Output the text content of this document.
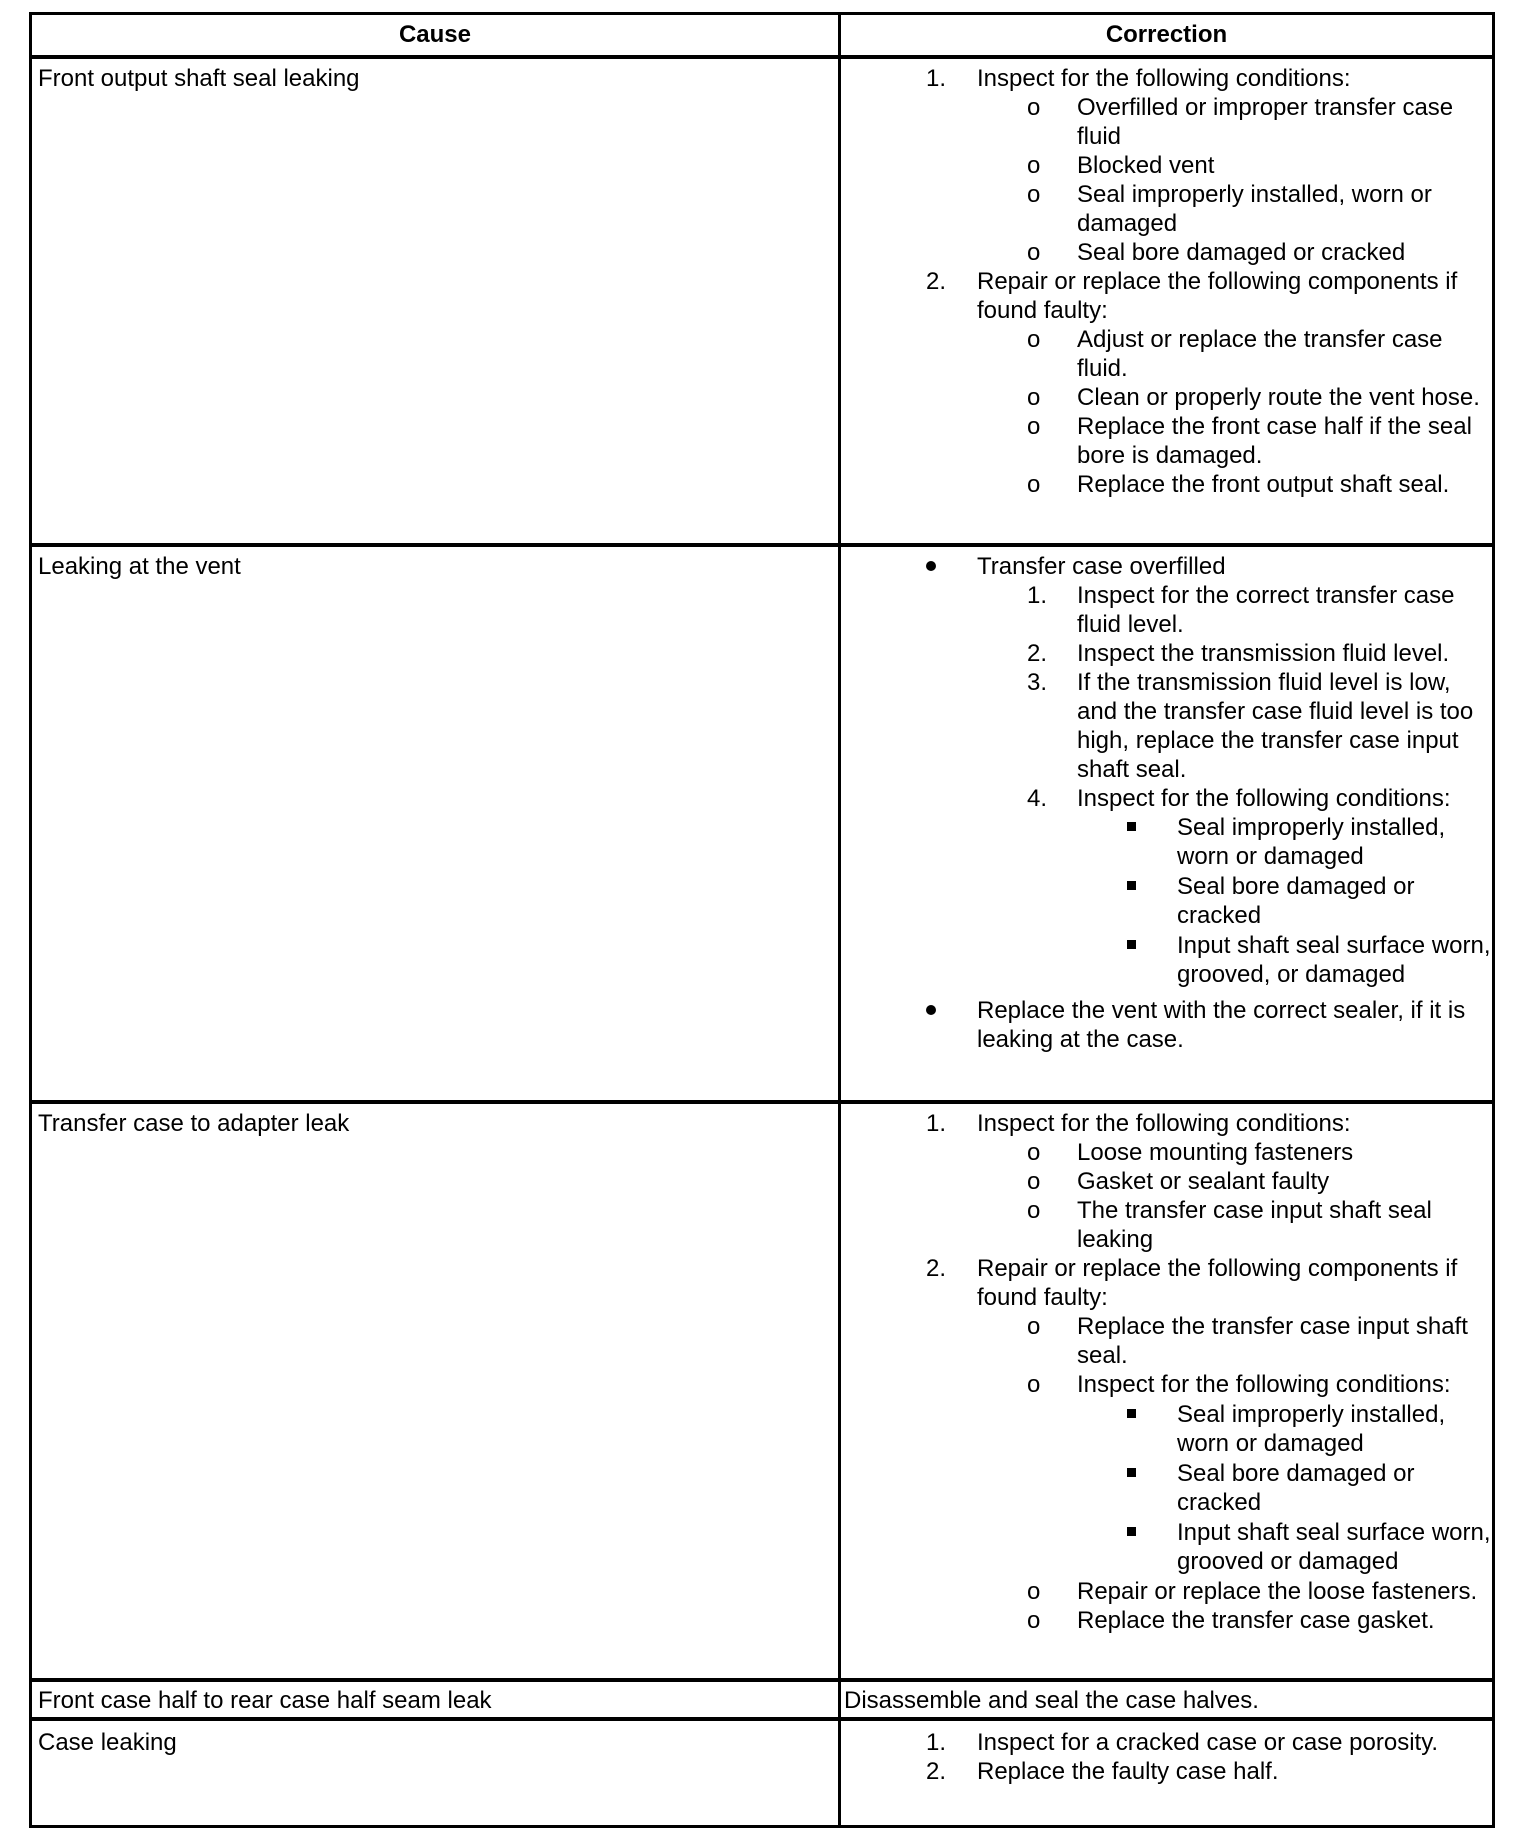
Cause	Correction
Front output shaft seal leaking	1. Inspect for the following conditions:
o Overfilled or improper transfer case
fluid
o Blocked vent
o Seal improperly installed, worn or
damaged
o Seal bore damaged or cracked
2. Repair or replace the following components if
found faulty:
o Adjust or replace the transfer case
fluid.
o Clean or properly route the vent hose.
o Replace the front case half if the seal
bore is damaged.
o Replace the front output shaft seal.
Leaking at the vent	Transfer case overfilled
1. Inspect for the correct transfer case
fluid level.
2. Inspect the transmission fluid level.
3. If the transmission fluid level is low,
and the transfer case fluid level is too
high, replace the transfer case input
shaft seal.
4. Inspect for the following conditions:
Seal improperly installed,
worn or damaged
Seal bore damaged or
cracked
Input shaft seal surface worn,
grooved, or damaged
Replace the vent with the correct sealer, if it is
leaking at the case.
Transfer case to adapter leak	1. Inspect for the following conditions:
o Loose mounting fasteners
o Gasket or sealant faulty
o The transfer case input shaft seal
leaking
2. Repair or replace the following components if
found faulty:
o Replace the transfer case input shaft
seal.
o Inspect for the following conditions:
Seal improperly installed,
worn or damaged
Seal bore damaged or
cracked
Input shaft seal surface worn,
grooved or damaged
o Repair or replace the loose fasteners.
o Replace the transfer case gasket.
Front case half to rear case half seam leak	Disassemble and seal the case halves.
Case leaking	1. Inspect for a cracked case or case porosity.
2. Replace the faulty case half.
